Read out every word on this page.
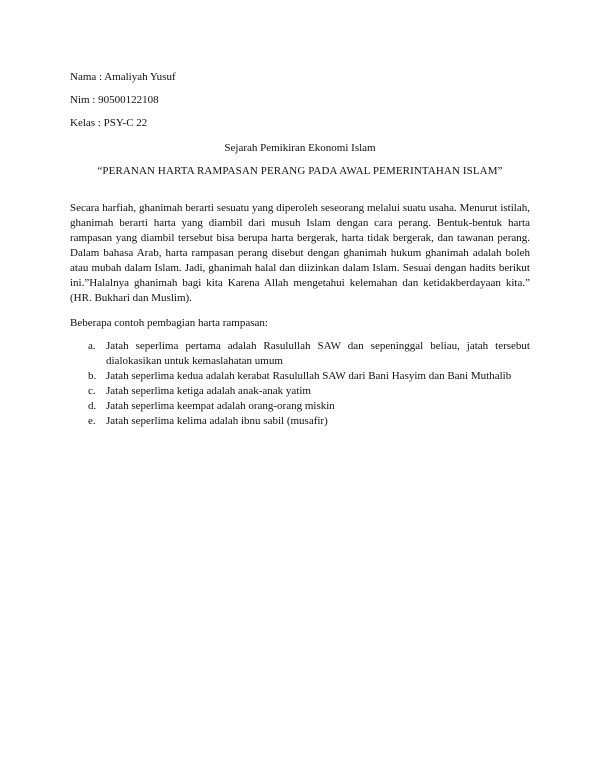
Nama : Amaliyah Yusuf

Nim : 90500122108

Kelas : PSY-C 22

Sejarah Pemikiran Ekonomi Islam

“PERANAN HARTA RAMPASAN PERANG PADA AWAL PEMERINTAHAN ISLAM”

Secara harfiah, ghanimah berarti sesuatu yang diperoleh seseorang melalui suatu usaha. Menurut istilah, ghanimah berarti harta yang diambil dari musuh Islam dengan cara perang. Bentuk-bentuk harta rampasan yang diambil tersebut bisa berupa harta bergerak, harta tidak bergerak, dan tawanan perang. Dalam bahasa Arab, harta rampasan perang disebut dengan ghanimah hukum ghanimah adalah boleh atau mubah dalam Islam. Jadi, ghanimah halal dan diizinkan dalam Islam. Sesuai dengan hadits berikut ini.”Halalnya ghanimah bagi kita Karena Allah mengetahui kelemahan dan ketidakberdayaan kita.” (HR. Bukhari dan Muslim).

Beberapa contoh pembagian harta rampasan:

a. Jatah seperlima pertama adalah Rasulullah SAW dan sepeninggal beliau, jatah tersebut dialokasikan untuk kemaslahatan umum
b. Jatah seperlima kedua adalah kerabat Rasulullah SAW dari Bani Hasyim dan Bani Muthalib
c. Jatah seperlima ketiga adalah anak-anak yatim
d. Jatah seperlima keempat adalah orang-orang miskin
e. Jatah seperlima kelima adalah ibnu sabil (musafir)
